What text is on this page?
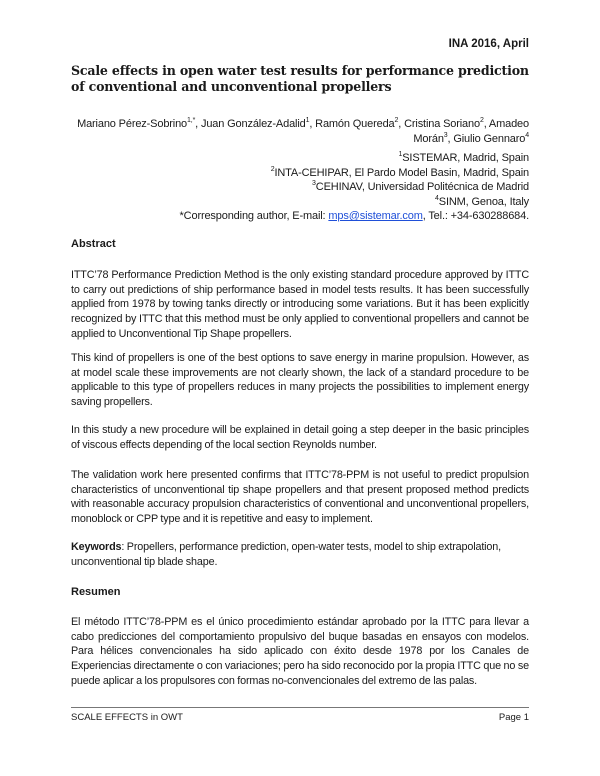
INA 2016, April
Scale effects in open water test results for performance prediction of conventional and unconventional propellers
Mariano Pérez-Sobrino$^{1,*}$, Juan González-Adalid$^1$, Ramón Quereda$^2$, Cristina Soriano$^2$, Amadeo Morán$^3$, Giulio Gennaro$^4$
$^1$SISTEMAR, Madrid, Spain
$^2$INTA-CEHIPAR, El Pardo Model Basin, Madrid, Spain
$^3$CEHINAV, Universidad Politécnica de Madrid
$^4$SINM, Genoa, Italy
*Corresponding author, E-mail: mps@sistemar.com, Tel.: +34-630288684.
Abstract
ITTC’78 Performance Prediction Method is the only existing standard procedure approved by ITTC to carry out predictions of ship performance based in model tests results. It has been successfully applied from 1978 by towing tanks directly or introducing some variations. But it has been explicitly recognized by ITTC that this method must be only applied to conventional propellers and cannot be applied to Unconventional Tip Shape propellers.
This kind of propellers is one of the best options to save energy in marine propulsion. However, as at model scale these improvements are not clearly shown, the lack of a standard procedure to be applicable to this type of propellers reduces in many projects the possibilities to implement energy saving propellers.
In this study a new procedure will be explained in detail going a step deeper in the basic principles of viscous effects depending of the local section Reynolds number.
The validation work here presented confirms that ITTC’78-PPM is not useful to predict propulsion characteristics of unconventional tip shape propellers and that present proposed method predicts with reasonable accuracy propulsion characteristics of conventional and unconventional propellers, monoblock or CPP type and it is repetitive and easy to implement.
Keywords: Propellers, performance prediction, open-water tests, model to ship extrapolation, unconventional tip blade shape.
Resumen
El método ITTC’78-PPM es el único procedimiento estándar aprobado por la ITTC para llevar a cabo predicciones del comportamiento propulsivo del buque basadas en ensayos con modelos. Para hélices convencionales ha sido aplicado con éxito desde 1978 por los Canales de Experiencias directamente o con variaciones; pero ha sido reconocido por la propia ITTC que no se puede aplicar a los propulsores con formas no-convencionales del extremo de las palas.
SCALE EFFECTS in OWT	Page 1
